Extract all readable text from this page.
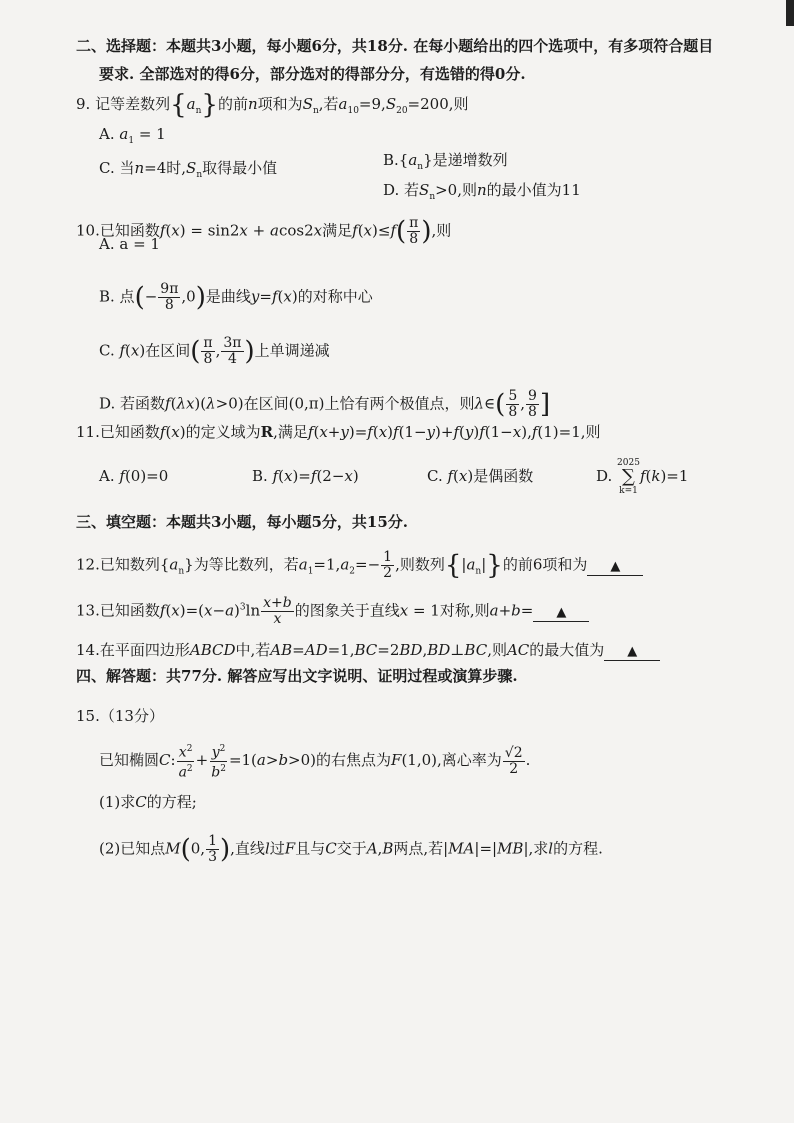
二、选择题：本题共3小题，每小题6分，共18分. 在每小题给出的四个选项中，有多项符合题目
要求. 全部选对的得6分，部分选对的得部分分，有选错的得0分.
9. 记等差数列$\{a_n\}$的前n项和为$S_n$,若$a_{10}=9,S_{20}=200$,则
A. $a_1 = 1$
C. 当n=4时$,S_n$取得最小值	$B.\{a_n\}$是递增数列
D. 若$S_n>0$,则n的最小值为11
10.已知函数f(x) = sin2x + acos2x满足$f(x)\le f( \frac{\pi}{8}$ ),则
A. a = 1
B. 点(− $\frac{9\pi}{8} ,0$)是曲线y=f(x)的对称中心
C. f(x)在区间( $\frac{\pi}{8}$ , $\frac{3\pi}{4}$ )上单调递减
D. 若函数f(λx)(λ>0)在区间(0,π)上恰有两个极值点，则λ∈( $\frac{5}{8}$ , $\frac{9}{8}$ ]
11.已知函数f(x)的定义域为R,满足f(x+y)=f(x)f(1−y)+f(y)f(1−x),f(1)=1,则
A. f(0)=0	B. f(x)=f(2−x)	C. f(x)是偶函数	D.
2025
∑
k=1
f(k)=1
三、填空题：本题共3小题，每小题5分，共15分.
12.已知数列$\{a_n\}$为等比数列，若$a_1=1,a_2=- \frac{1}{2}$ ,则数列$\{|a_n|\}$的前6项和为 ▲
13.已知函数$f(x)=(x-a)^3\ln \frac{x+b}{x}$ 的图象关于直线x = 1对称,则a+b= ▲
14.在平面四边形ABCD中,若AB=AD=1,BC=2BD,BD⊥BC,则AC的最大值为 ▲
四、解答题：共77分. 解答应写出文字说明、证明过程或演算步骤.
15.（13分）
已知椭圆C: $\frac{x^2}{a^2} + \frac{y^2}{b^2} =1(a>b>0)$的右焦点为F(1,0),离心率为 $\frac{√2}{2}$ .
(1)求C的方程;
(2)已知点M(0, $\frac{1}{3}$ ),直线l过F且与C交于A,B两点,若|MA|=|MB|,求l的方程.
